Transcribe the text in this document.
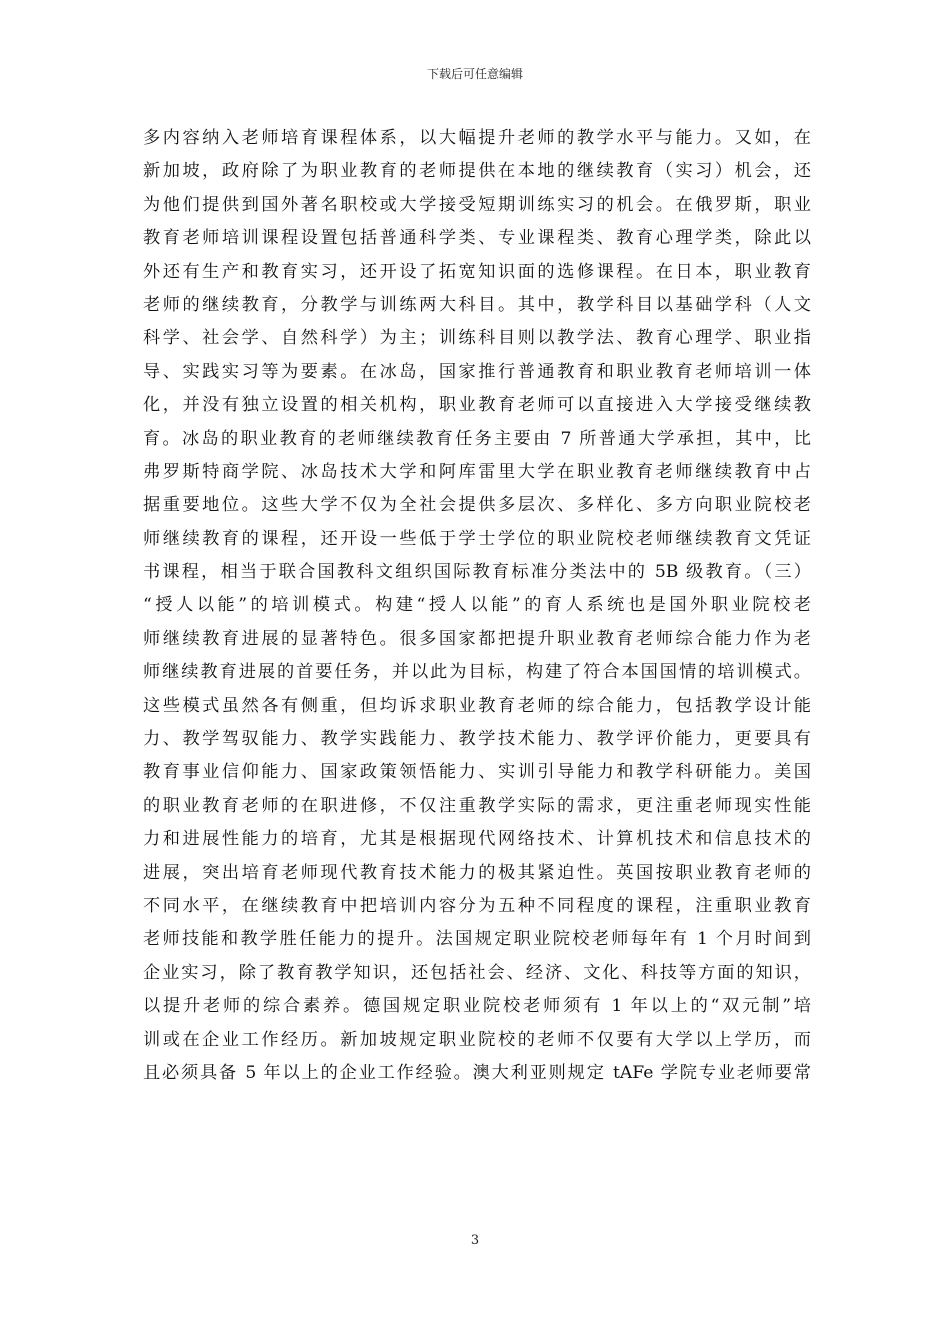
下载后可任意编辑
多内容纳入老师培育课程体系，以大幅提升老师的教学水平与能力。又如，在
新加坡，政府除了为职业教育的老师提供在本地的继续教育（实习）机会，还
为他们提供到国外著名职校或大学接受短期训练实习的机会。在俄罗斯，职业
教育老师培训课程设置包括普通科学类、专业课程类、教育心理学类，除此以
外还有生产和教育实习，还开设了拓宽知识面的选修课程。在日本，职业教育
老师的继续教育，分教学与训练两大科目。其中，教学科目以基础学科（人文
科学、社会学、自然科学）为主；训练科目则以教学法、教育心理学、职业指
导、实践实习等为要素。在冰岛，国家推行普通教育和职业教育老师培训一体
化，并没有独立设置的相关机构，职业教育老师可以直接进入大学接受继续教
育。冰岛的职业教育的老师继续教育任务主要由 7 所普通大学承担，其中，比
弗罗斯特商学院、冰岛技术大学和阿库雷里大学在职业教育老师继续教育中占
据重要地位。这些大学不仅为全社会提供多层次、多样化、多方向职业院校老
师继续教育的课程，还开设一些低于学士学位的职业院校老师继续教育文凭证
书课程，相当于联合国教科文组织国际教育标准分类法中的 5B 级教育。（三）
“授人以能”的培训模式。构建“授人以能”的育人系统也是国外职业院校老
师继续教育进展的显著特色。很多国家都把提升职业教育老师综合能力作为老
师继续教育进展的首要任务，并以此为目标，构建了符合本国国情的培训模式。
这些模式虽然各有侧重，但均诉求职业教育老师的综合能力，包括教学设计能
力、教学驾驭能力、教学实践能力、教学技术能力、教学评价能力，更要具有
教育事业信仰能力、国家政策领悟能力、实训引导能力和教学科研能力。美国
的职业教育老师的在职进修，不仅注重教学实际的需求，更注重老师现实性能
力和进展性能力的培育，尤其是根据现代网络技术、计算机技术和信息技术的
进展，突出培育老师现代教育技术能力的极其紧迫性。英国按职业教育老师的
不同水平，在继续教育中把培训内容分为五种不同程度的课程，注重职业教育
老师技能和教学胜任能力的提升。法国规定职业院校老师每年有 1 个月时间到
企业实习，除了教育教学知识，还包括社会、经济、文化、科技等方面的知识，
以提升老师的综合素养。德国规定职业院校老师须有 1 年以上的“双元制”培
训或在企业工作经历。新加坡规定职业院校的老师不仅要有大学以上学历，而
且必须具备 5 年以上的企业工作经验。澳大利亚则规定 tAFe 学院专业老师要常
3
